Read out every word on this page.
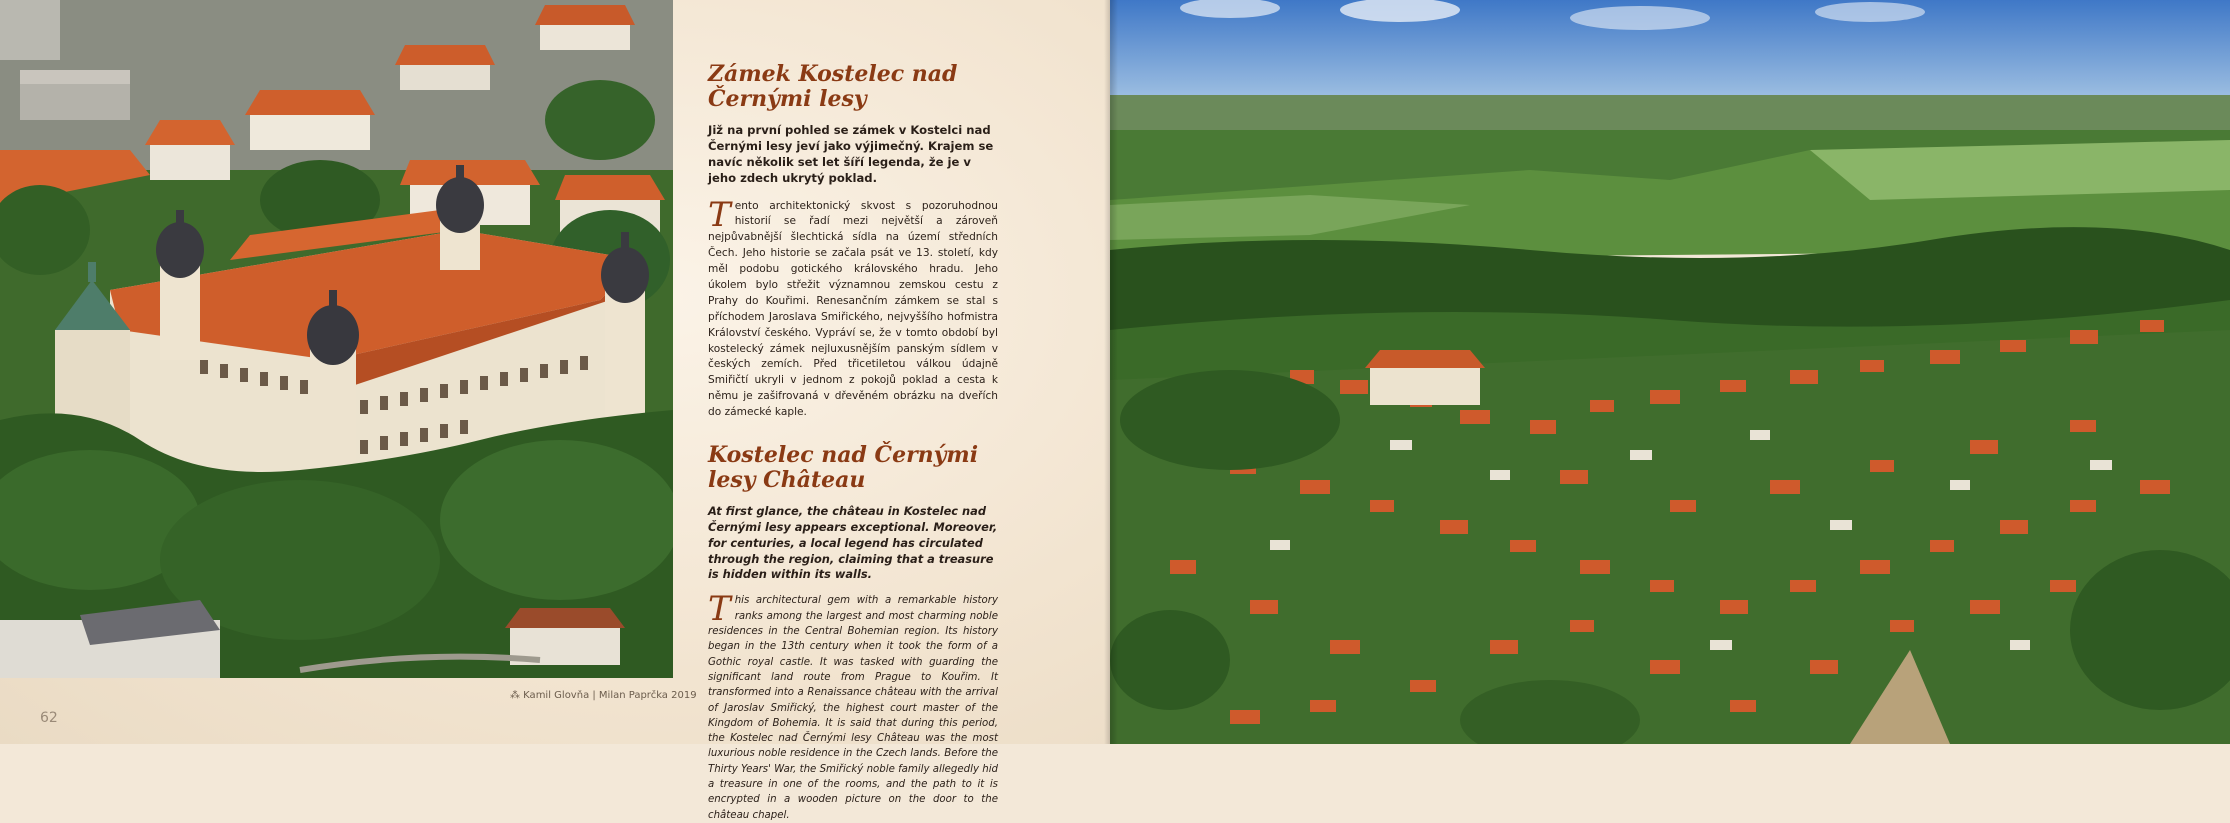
Zámek Kostelec nad Černými lesy

Již na první pohled se zámek v Kostelci nad Černými lesy jeví jako výjimečný. Krajem se navíc několik set let šíří legenda, že je v jeho zdech ukrytý poklad.

Tento architektonický skvost s pozoruhodnou historií se řadí mezi největší a zároveň nejpůvabnější šlechtická sídla na území středních Čech. Jeho historie se začala psát ve 13. století, kdy měl podobu gotického královského hradu. Jeho úkolem bylo střežit významnou zemskou cestu z Prahy do Kouřimi. Renesančním zámkem se stal s příchodem Jaroslava Smiřického, nejvyššího hofmistra Království českého. Vypráví se, že v tomto období byl kostelecký zámek nejluxusnějším panským sídlem v českých zemích. Před třicetiletou válkou údajně Smiřičtí ukryli v jednom z pokojů poklad a cesta k němu je zašifrovaná v dřevěném obrázku na dveřích do zámecké kaple.

Kostelec nad Černými lesy Château

At first glance, the château in Kostelec nad Černými lesy appears exceptional. Moreover, for centuries, a local legend has circulated through the region, claiming that a treasure is hidden within its walls.

This architectural gem with a remarkable history ranks among the largest and most charming noble residences in the Central Bohemian region. Its history began in the 13th century when it took the form of a Gothic royal castle. It was tasked with guarding the significant land route from Prague to Kouřim. It transformed into a Renaissance château with the arrival of Jaroslav Smiřický, the highest court master of the Kingdom of Bohemia. It is said that during this period, the Kostelec nad Černými lesy Château was the most luxurious noble residence in the Czech lands. Before the Thirty Years' War, the Smiřický noble family allegedly hid a treasure in one of the rooms, and the path to it is encrypted in a wooden picture on the door to the château chapel.

⁂ Kamil Glovňa | Milan Paprčka 2019
62
